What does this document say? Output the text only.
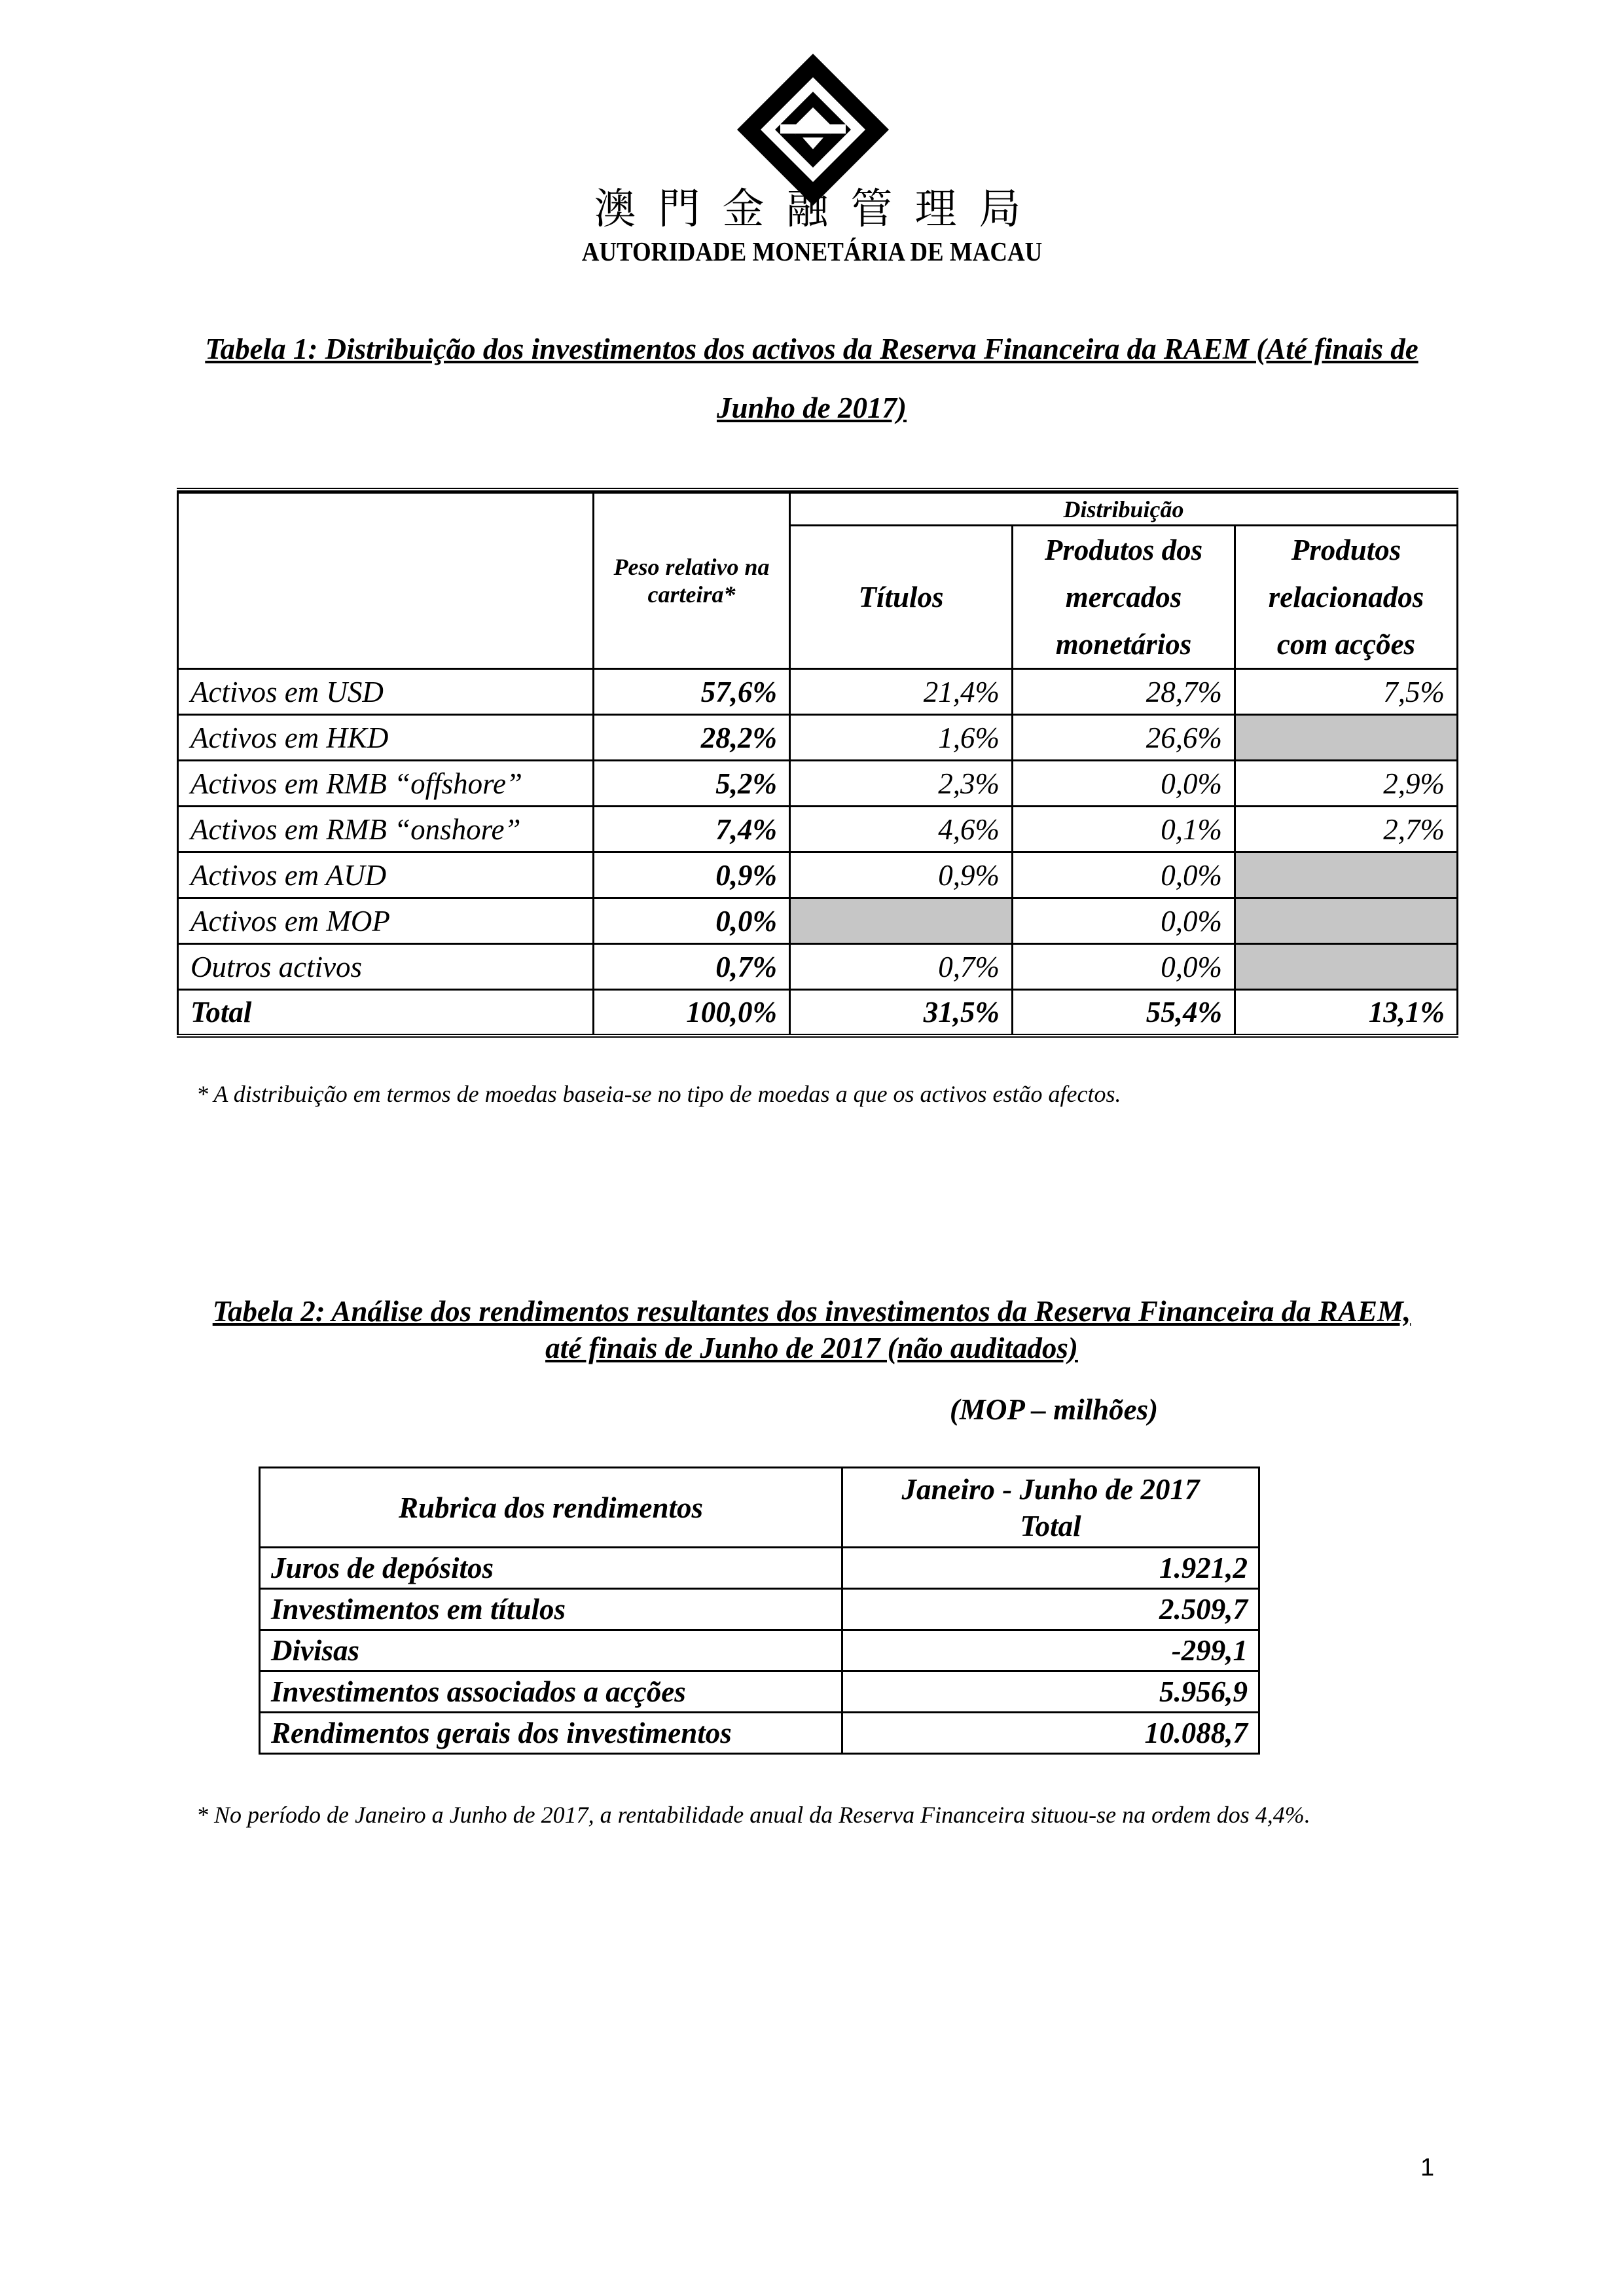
澳門金融管理局
AUTORIDADE MONETÁRIA DE MACAU
Tabela 1: Distribuição dos investimentos dos activos da Reserva Financeira da RAEM (Até finais de Junho de 2017)
	Peso relativo na carteira*	Distribuição		
		Títulos	Produtos dos mercados monetários	Produtos relacionados com acções
Activos em USD	57,6%	21,4%	28,7%	7,5%
Activos em HKD	28,2%	1,6%	26,6%	
Activos em RMB “offshore”	5,2%	2,3%	0,0%	2,9%
Activos em RMB “onshore”	7,4%	4,6%	0,1%	2,7%
Activos em AUD	0,9%	0,9%	0,0%	
Activos em MOP	0,0%		0,0%	
Outros activos	0,7%	0,7%	0,0%	
Total	100,0%	31,5%	55,4%	13,1%
* A distribuição em termos de moedas baseia-se no tipo de moedas a que os activos estão afectos.
Tabela 2: Análise dos rendimentos resultantes dos investimentos da Reserva Financeira da RAEM, até finais de Junho de 2017 (não auditados)
(MOP – milhões)
Rubrica dos rendimentos	Janeiro - Junho de 2017
Total

Juros de depósitos	1.921,2
Investimentos em títulos	2.509,7
Divisas	-299,1
Investimentos associados a acções	5.956,9
Rendimentos gerais dos investimentos	10.088,7
* No período de Janeiro a Junho de 2017, a rentabilidade anual da Reserva Financeira situou-se na ordem dos 4,4%.
1
